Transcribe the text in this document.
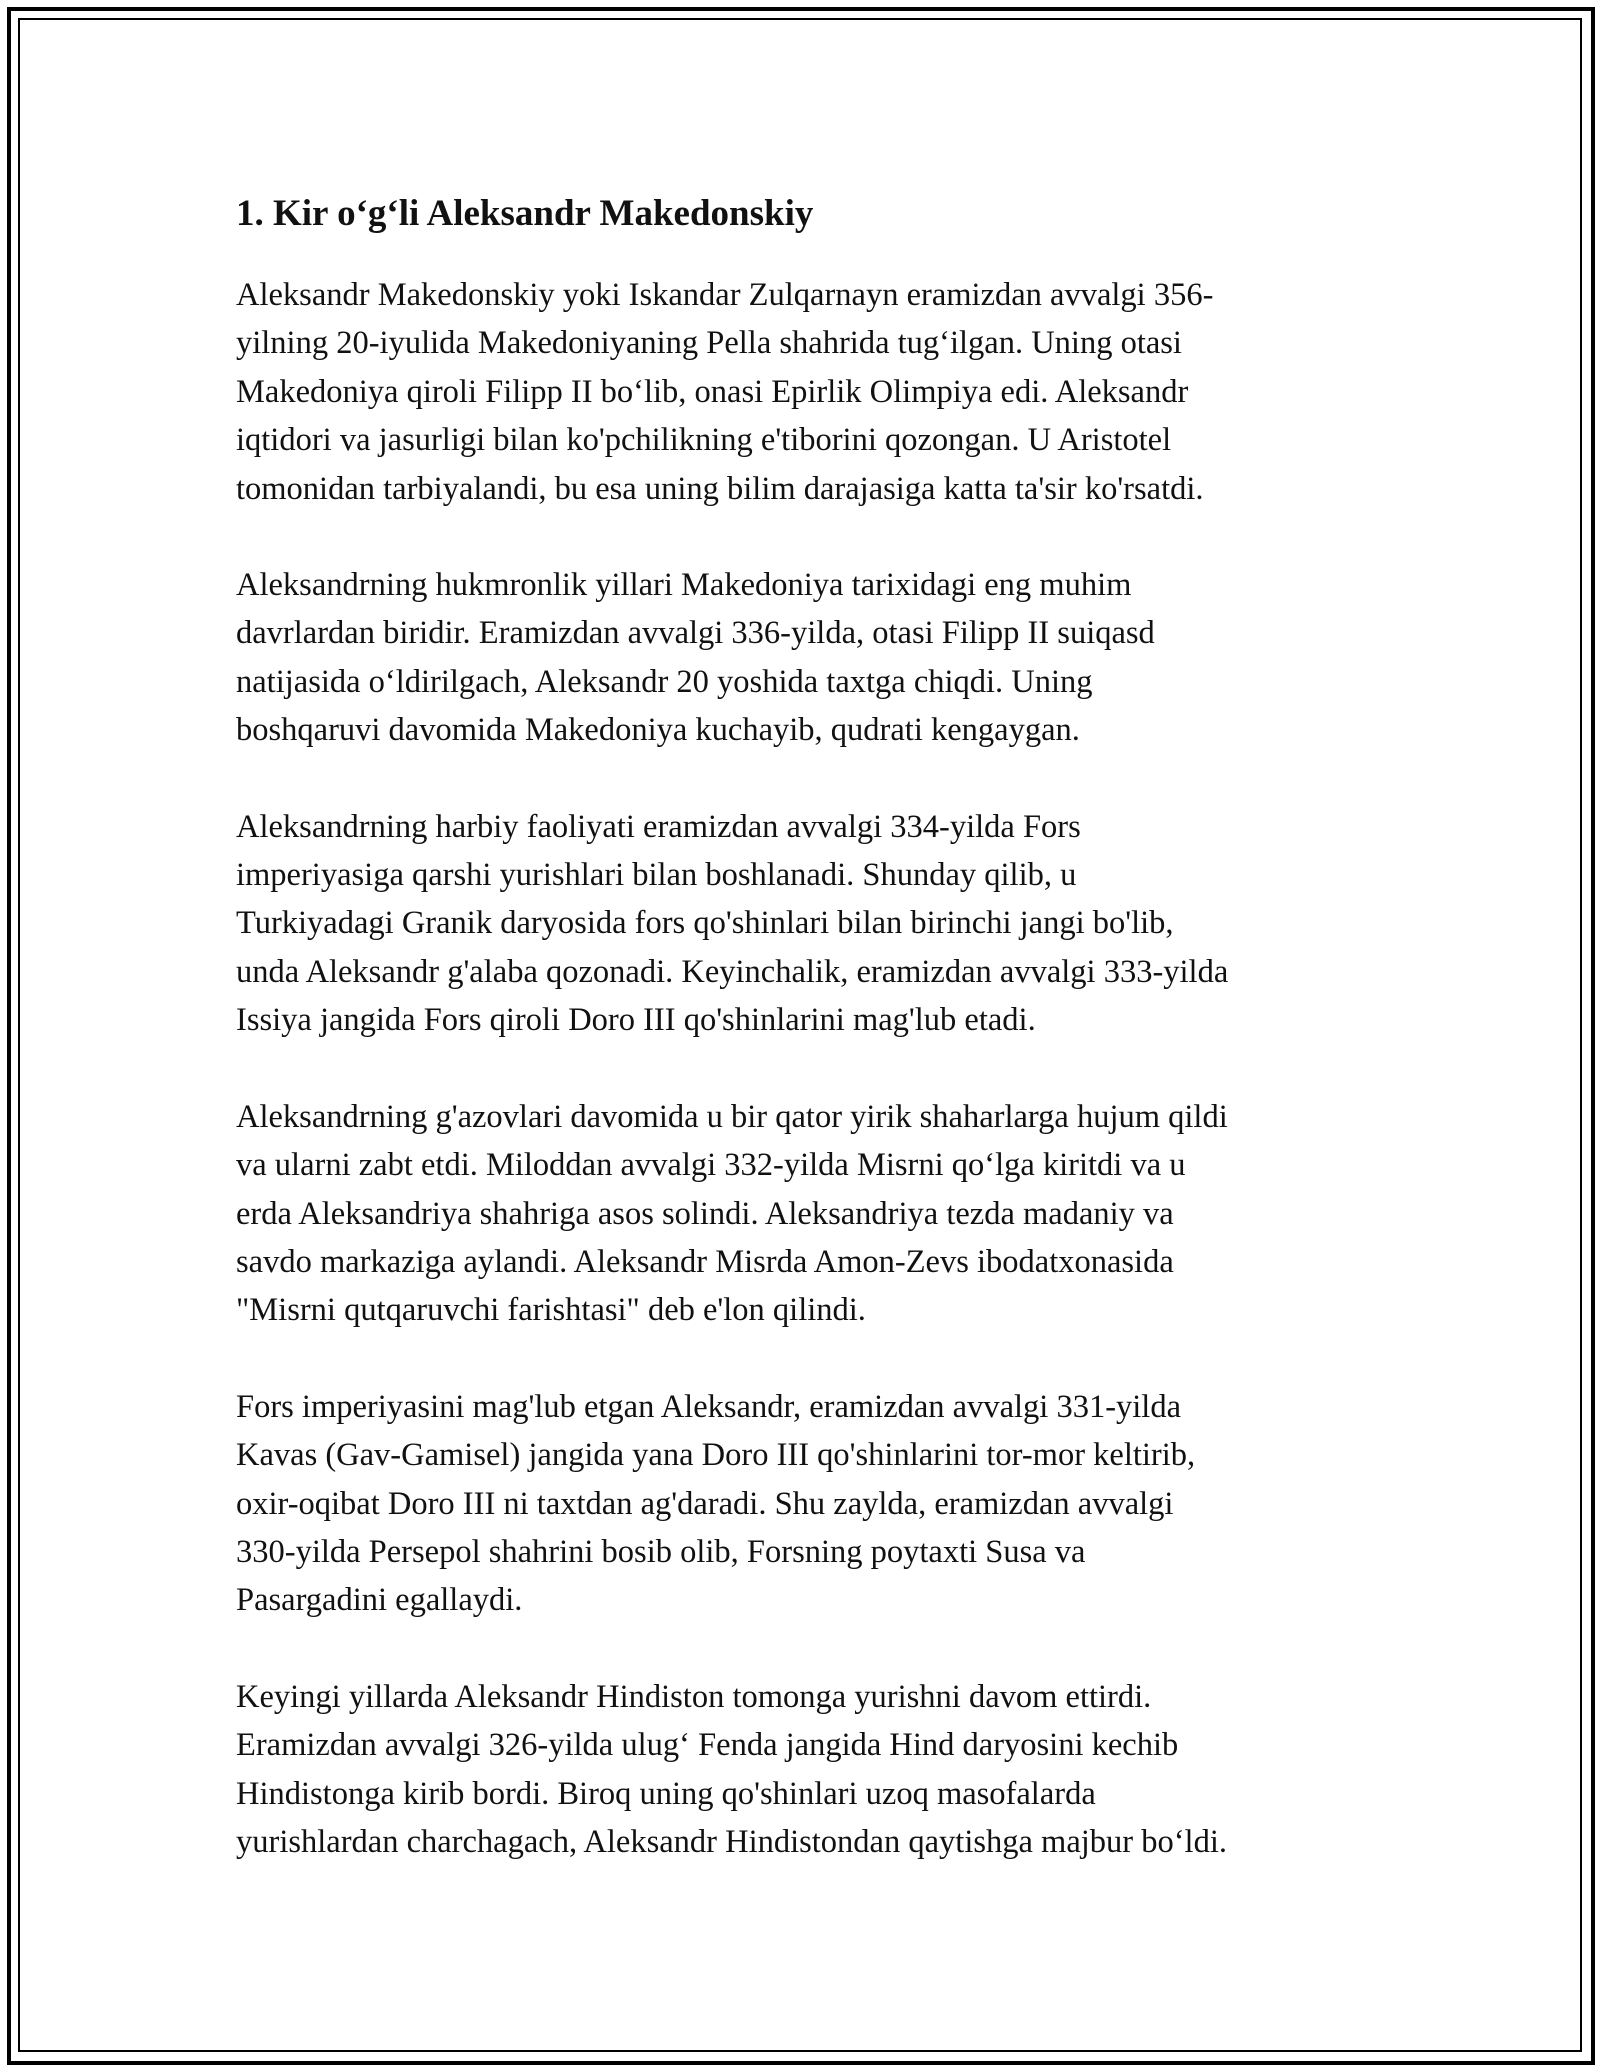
1. Kir o‘g‘li Aleksandr Makedonskiy

Aleksandr Makedonskiy yoki Iskandar Zulqarnayn eramizdan avvalgi 356-
yilning 20-iyulida Makedoniyaning Pella shahrida tug‘ilgan. Uning otasi
Makedoniya qiroli Filipp II bo‘lib, onasi Epirlik Olimpiya edi. Aleksandr
iqtidori va jasurligi bilan ko'pchilikning e'tiborini qozongan. U Aristotel
tomonidan tarbiyalandi, bu esa uning bilim darajasiga katta ta'sir ko'rsatdi.

Aleksandrning hukmronlik yillari Makedoniya tarixidagi eng muhim
davrlardan biridir. Eramizdan avvalgi 336-yilda, otasi Filipp II suiqasd
natijasida o‘ldirilgach, Aleksandr 20 yoshida taxtga chiqdi. Uning
boshqaruvi davomida Makedoniya kuchayib, qudrati kengaygan.

Aleksandrning harbiy faoliyati eramizdan avvalgi 334-yilda Fors
imperiyasiga qarshi yurishlari bilan boshlanadi. Shunday qilib, u
Turkiyadagi Granik daryosida fors qo'shinlari bilan birinchi jangi bo'lib,
unda Aleksandr g'alaba qozonadi. Keyinchalik, eramizdan avvalgi 333-yilda
Issiya jangida Fors qiroli Doro III qo'shinlarini mag'lub etadi.

Aleksandrning g'azovlari davomida u bir qator yirik shaharlarga hujum qildi
va ularni zabt etdi. Miloddan avvalgi 332-yilda Misrni qo‘lga kiritdi va u
erda Aleksandriya shahriga asos solindi. Aleksandriya tezda madaniy va
savdo markaziga aylandi. Aleksandr Misrda Amon-Zevs ibodatxonasida
"Misrni qutqaruvchi farishtasi" deb e'lon qilindi.

Fors imperiyasini mag'lub etgan Aleksandr, eramizdan avvalgi 331-yilda
Kavas (Gav-Gamisel) jangida yana Doro III qo'shinlarini tor-mor keltirib,
oxir-oqibat Doro III ni taxtdan ag'daradi. Shu zaylda, eramizdan avvalgi
330-yilda Persepol shahrini bosib olib, Forsning poytaxti Susa va
Pasargadini egallaydi.

Keyingi yillarda Aleksandr Hindiston tomonga yurishni davom ettirdi.
Eramizdan avvalgi 326-yilda ulug‘ Fenda jangida Hind daryosini kechib
Hindistonga kirib bordi. Biroq uning qo'shinlari uzoq masofalarda
yurishlardan charchagach, Aleksandr Hindistondan qaytishga majbur bo‘ldi.
